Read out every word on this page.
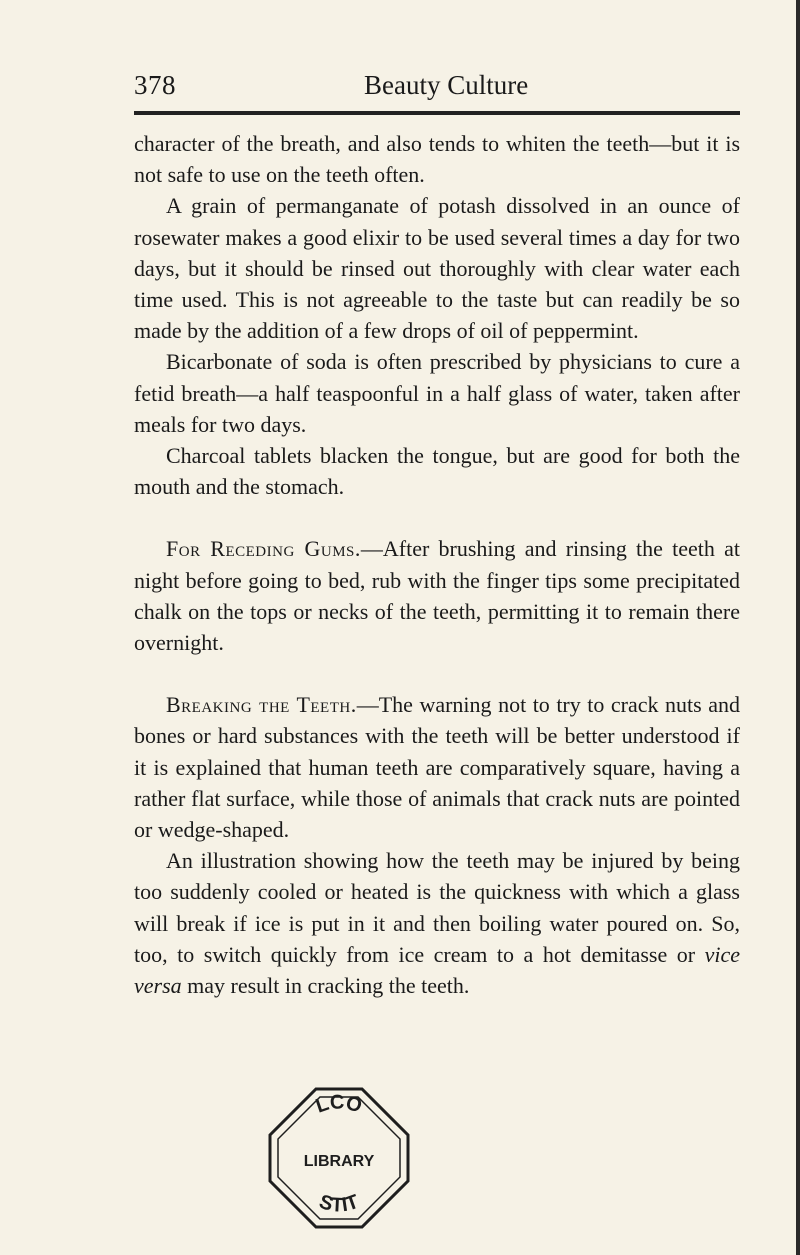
378	Beauty Culture

character of the breath, and also tends to whiten the teeth—but it is not safe to use on the teeth often.

A grain of permanganate of potash dissolved in an ounce of rosewater makes a good elixir to be used several times a day for two days, but it should be rinsed out thoroughly with clear water each time used. This is not agreeable to the taste but can readily be so made by the addition of a few drops of oil of peppermint.

Bicarbonate of soda is often prescribed by physicians to cure a fetid breath—a half teaspoonful in a half glass of water, taken after meals for two days.

Charcoal tablets blacken the tongue, but are good for both the mouth and the stomach.

For Receding Gums.—After brushing and rinsing the teeth at night before going to bed, rub with the finger tips some precipitated chalk on the tops or necks of the teeth, permitting it to remain there overnight.

Breaking the Teeth.—The warning not to try to crack nuts and bones or hard substances with the teeth will be better understood if it is explained that human teeth are comparatively square, having a rather flat surface, while those of animals that crack nuts are pointed or wedge-shaped.

An illustration showing how the teeth may be injured by being too suddenly cooled or heated is the quickness with which a glass will break if ice is put in it and then boiling water poured on. So, too, to switch quickly from ice cream to a hot demitasse or vice versa may result in cracking the teeth.

LCO
LIBRARY
STIT
